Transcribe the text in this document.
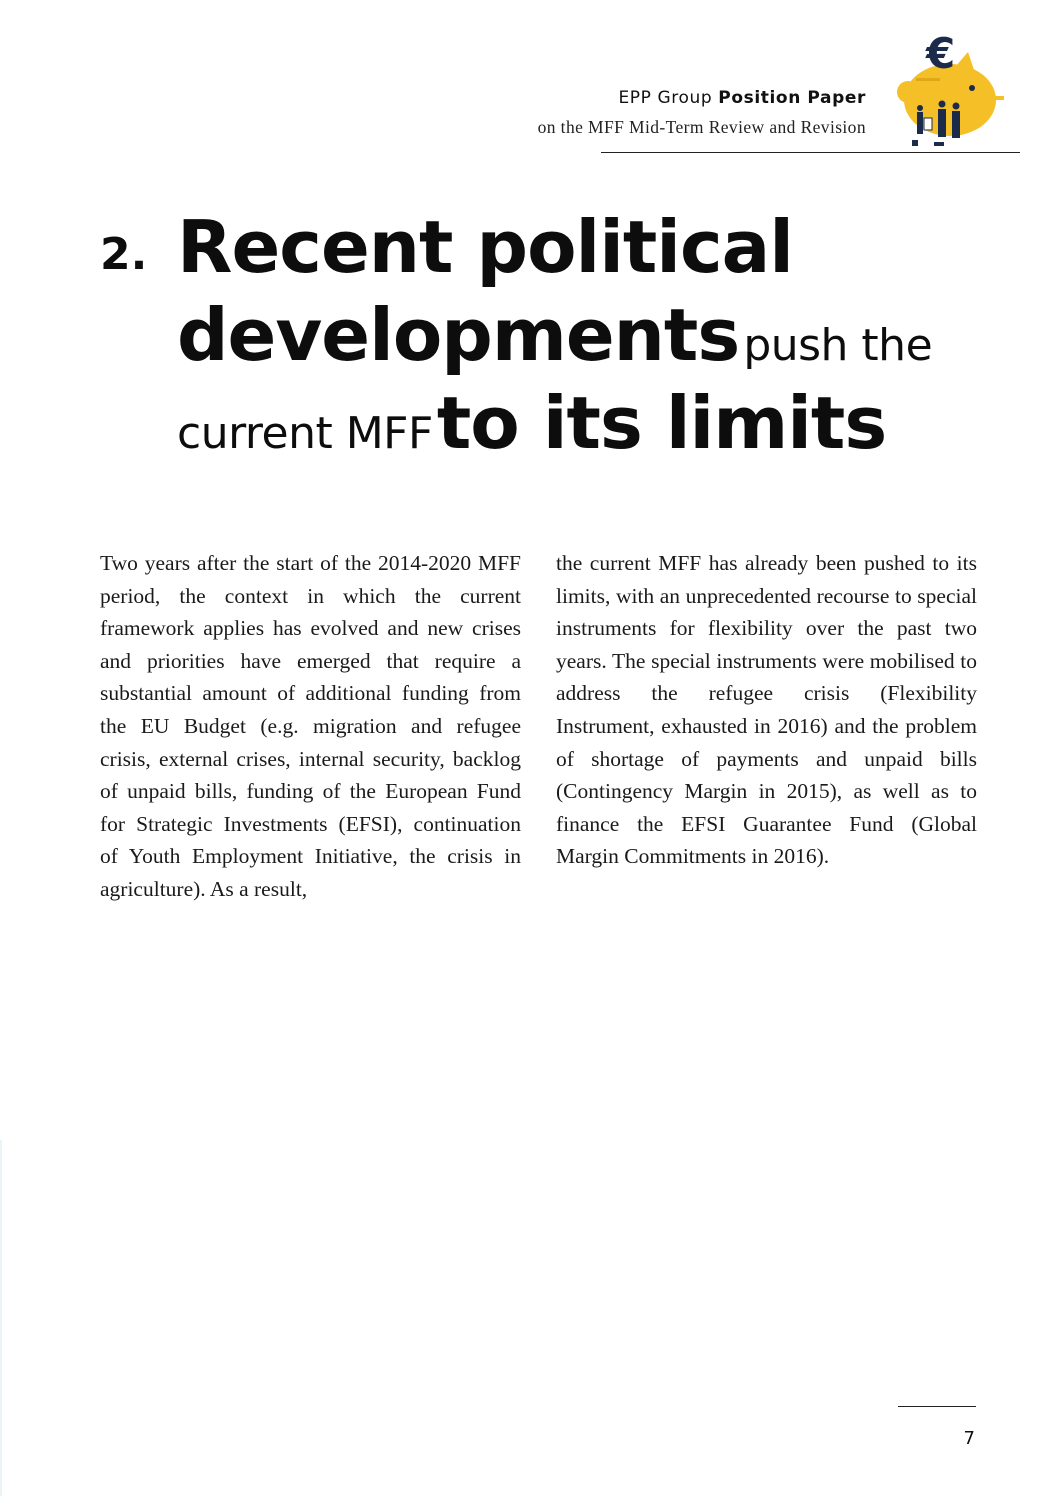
EPP Group Position Paper
on the MFF Mid-Term Review and Revision
€
2. Recent political
developments push the
current MFF to its limits
Two years after the start of the 2014-2020 MFF period, the context in which the current framework applies has evolved and new crises and priorities have emerged that require a substantial amount of additional funding from the EU Budget (e.g. migration and refugee crisis, external crises, internal security, backlog of unpaid bills, funding of the European Fund for Strategic Investments (EFSI), continuation of Youth Employment Initiative, the crisis in agriculture). As a result,
the current MFF has already been pushed to its limits, with an unprecedented recourse to special instruments for flexibility over the past two years. The special instruments were mobilised to address the refugee crisis (Flexibility Instrument, exhausted in 2016) and the problem of shortage of payments and unpaid bills (Contingency Margin in 2015), as well as to finance the EFSI Guarantee Fund (Global Margin Commitments in 2016).
7
